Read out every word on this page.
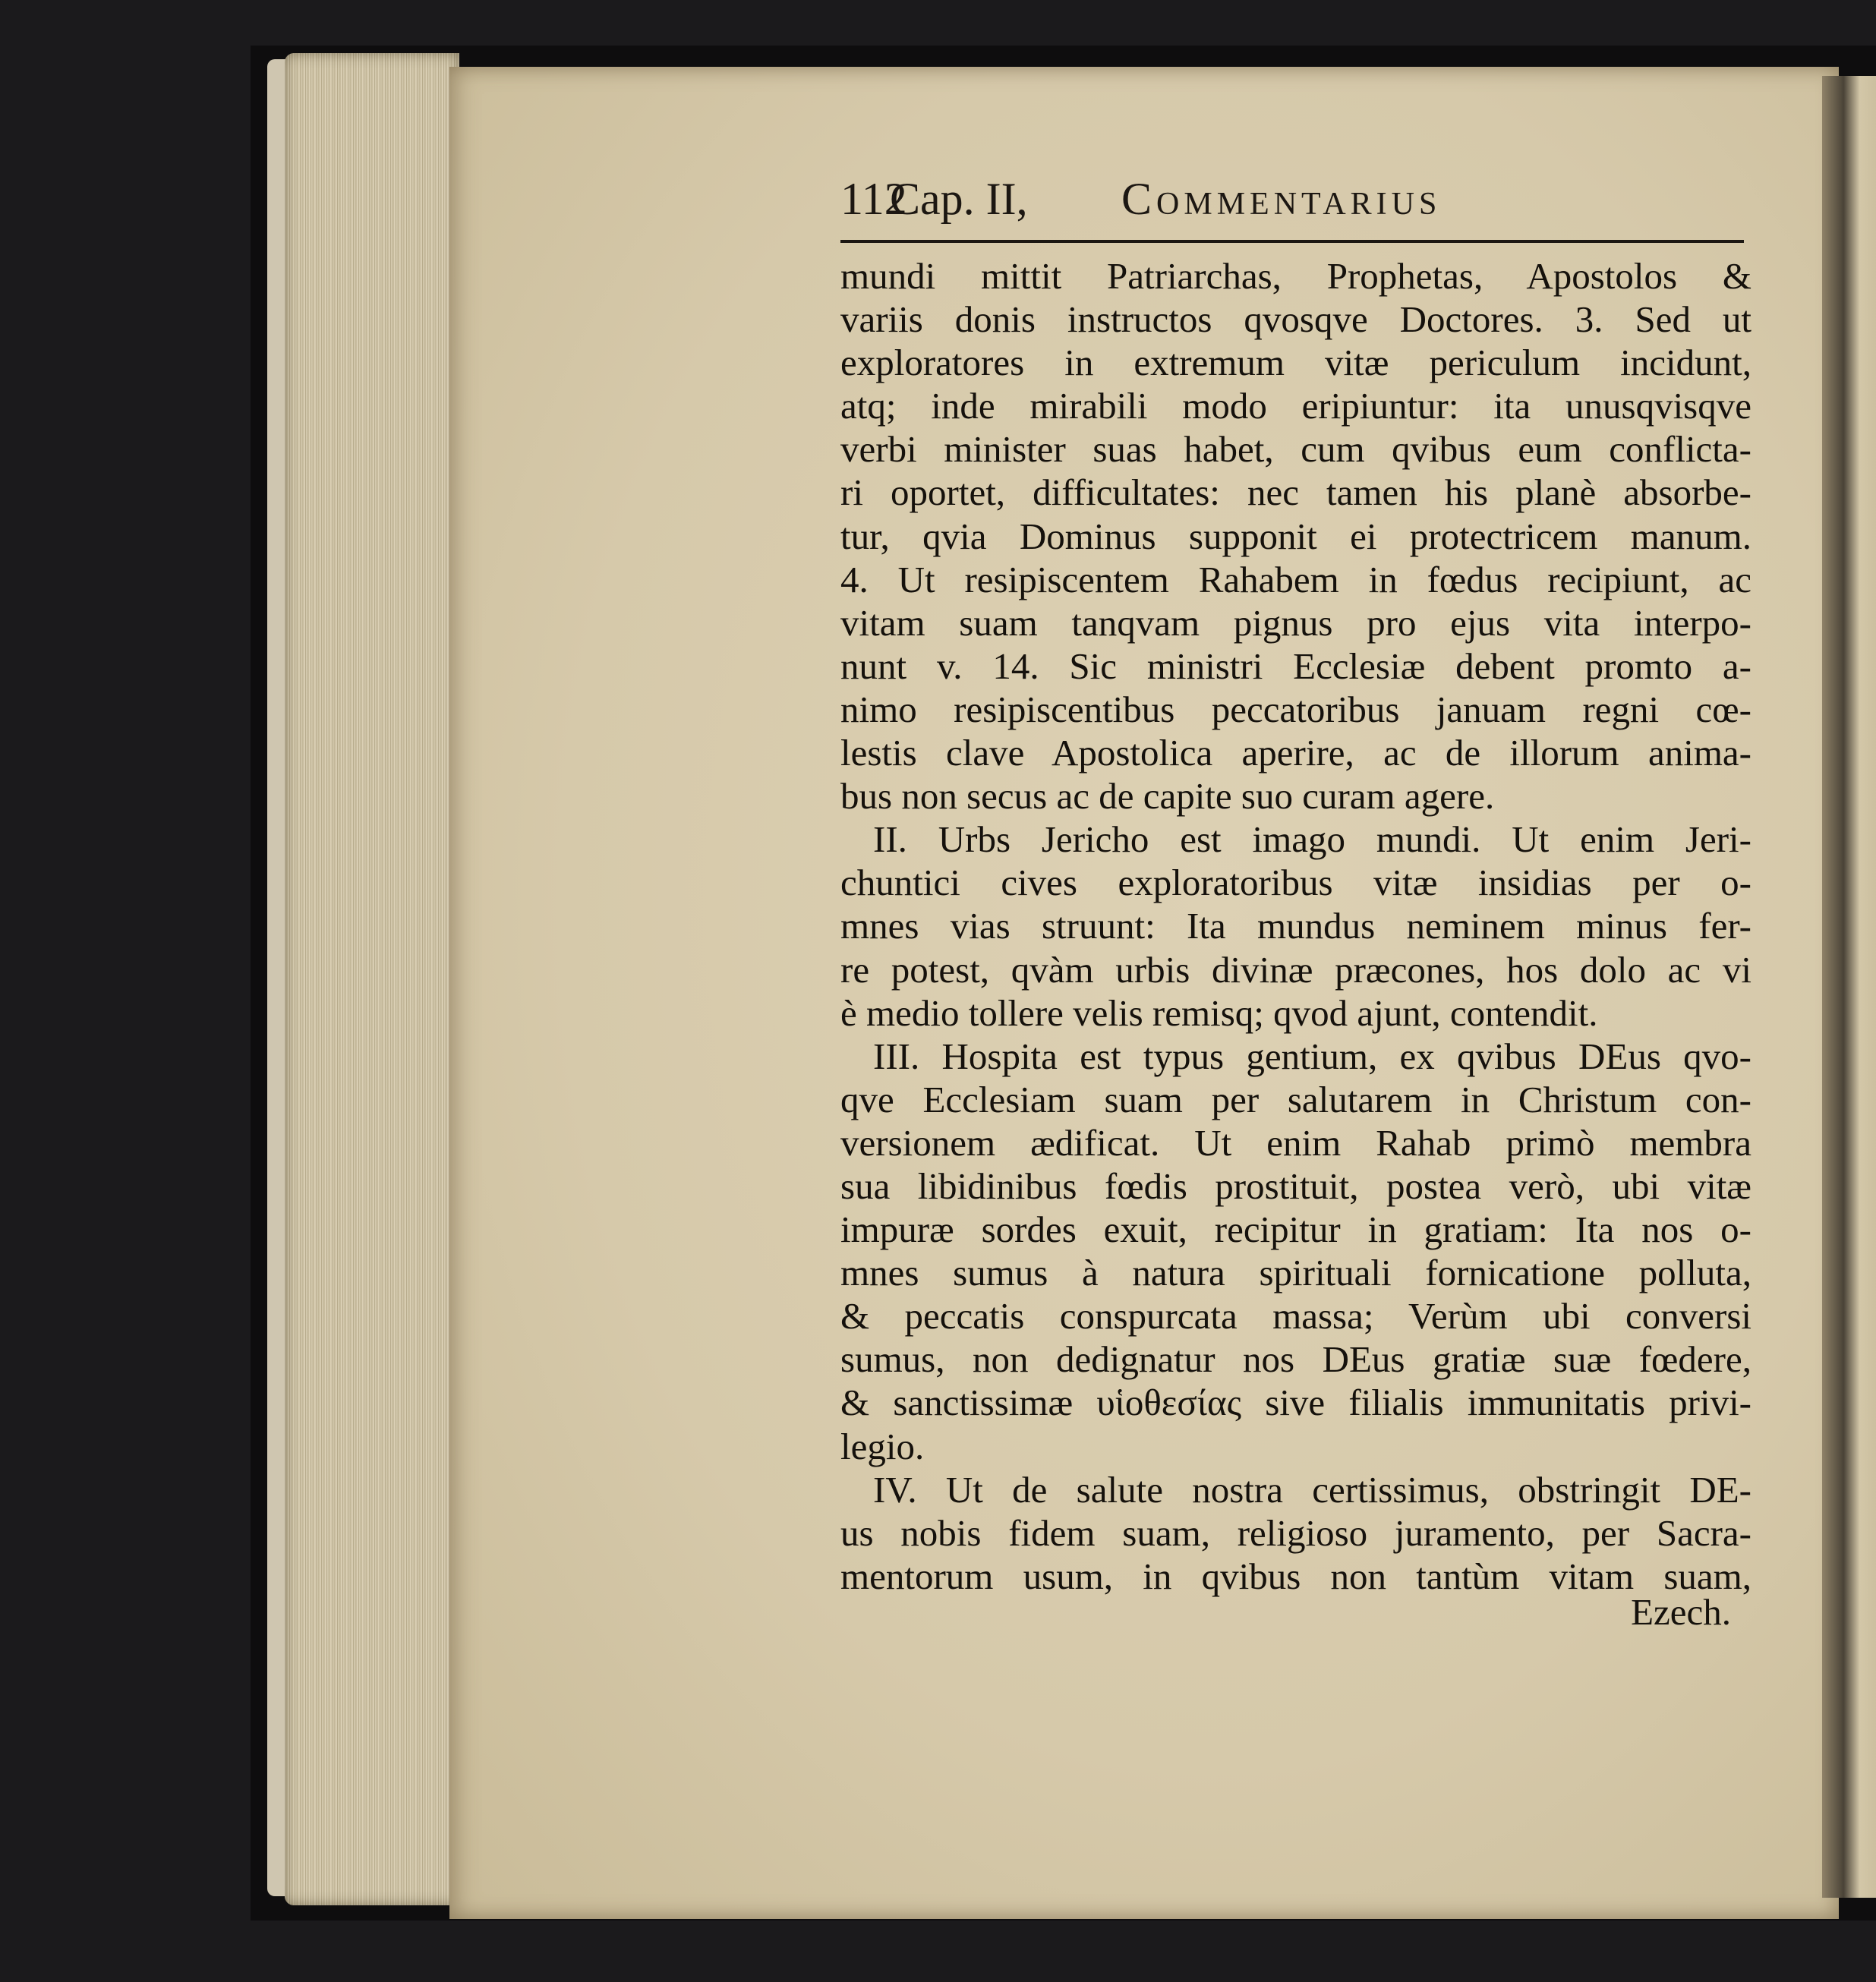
112
Cap. II, Commentarius
mundi mittit Patriarchas, Prophetas, Apostolos &
variis donis instructos qvosqve Doctores. 3. Sed ut
exploratores in extremum vitæ periculum incidunt,
atq; inde mirabili modo eripiuntur: ita unusqvisqve
verbi minister suas habet, cum qvibus eum conflicta-
ri oportet, difficultates: nec tamen his planè absorbe-
tur, qvia Dominus supponit ei protectricem manum.
4. Ut resipiscentem Rahabem in fœdus recipiunt, ac
vitam suam tanqvam pignus pro ejus vita interpo-
nunt v. 14. Sic ministri Ecclesiæ debent promto a-
nimo resipiscentibus peccatoribus januam regni cœ-
lestis clave Apostolica aperire, ac de illorum anima-
bus non secus ac de capite suo curam agere.
II. Urbs Jericho est imago mundi. Ut enim Jeri-
chuntici cives exploratoribus vitæ insidias per o-
mnes vias struunt: Ita mundus neminem minus fer-
re potest, qvàm urbis divinæ præcones, hos dolo ac vi
è medio tollere velis remisq; qvod ajunt, contendit.
III. Hospita est typus gentium, ex qvibus DEus qvo-
qve Ecclesiam suam per salutarem in Christum con-
versionem ædificat. Ut enim Rahab primò membra
sua libidinibus fœdis prostituit, postea verò, ubi vitæ
impuræ sordes exuit, recipitur in gratiam: Ita nos o-
mnes sumus à natura spirituali fornicatione polluta,
& peccatis conspurcata massa; Verùm ubi conversi
sumus, non dedignatur nos DEus gratiæ suæ fœdere,
& sanctissimæ υἱοθεσίας sive filialis immunitatis privi-
legio.
IV. Ut de salute nostra certissimus, obstringit DE-
us nobis fidem suam, religioso juramento, per Sacra-
mentorum usum, in qvibus non tantùm vitam suam,
Ezech.
